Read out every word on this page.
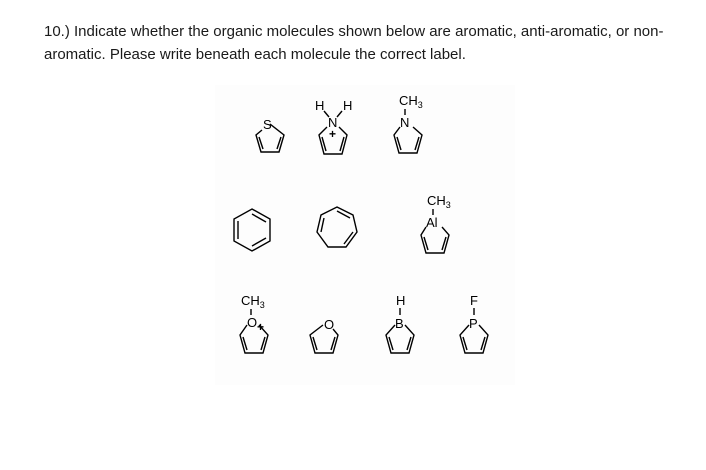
10.) Indicate whether the organic molecules shown below are aromatic, anti-aromatic, or non-aromatic. Please write beneath each molecule the correct label.
S
H H
N
+
$CH_3$
N
$CH_3$
Al
$CH_3$
O +	O
H
B
F
P
